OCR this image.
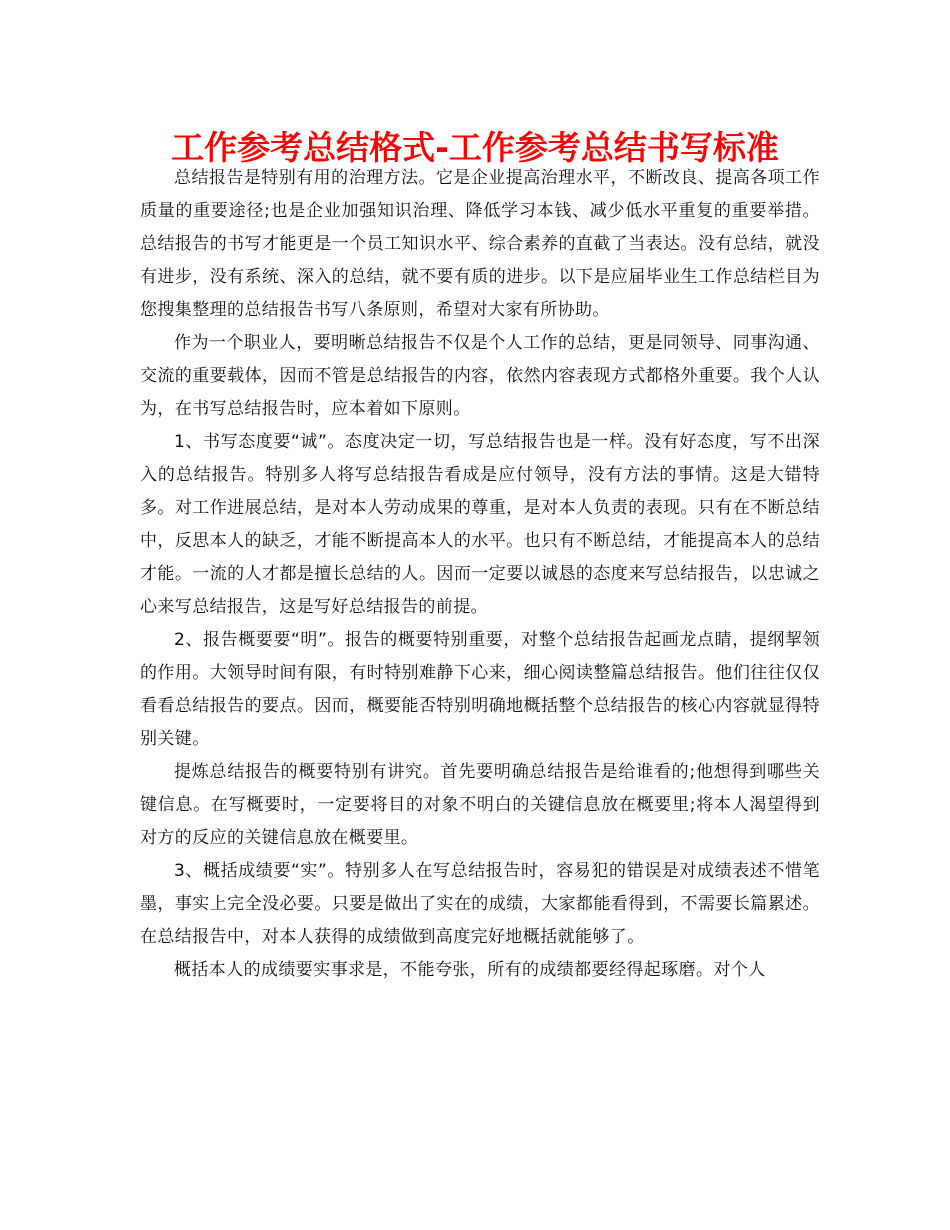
工作参考总结格式-工作参考总结书写标准

总结报告是特别有用的治理方法。它是企业提高治理水平，不断改良、提高各项工作质量的重要途径;也是企业加强知识治理、降低学习本钱、减少低水平重复的重要举措。总结报告的书写才能更是一个员工知识水平、综合素养的直截了当表达。没有总结，就没有进步，没有系统、深入的总结，就不要有质的进步。以下是应届毕业生工作总结栏目为您搜集整理的总结报告书写八条原则，希望对大家有所协助。

作为一个职业人，要明晰总结报告不仅是个人工作的总结，更是同领导、同事沟通、交流的重要载体，因而不管是总结报告的内容，依然内容表现方式都格外重要。我个人认为，在书写总结报告时，应本着如下原则。

1、书写态度要“诚”。态度决定一切，写总结报告也是一样。没有好态度，写不出深入的总结报告。特别多人将写总结报告看成是应付领导，没有方法的事情。这是大错特多。对工作进展总结，是对本人劳动成果的尊重，是对本人负责的表现。只有在不断总结中，反思本人的缺乏，才能不断提高本人的水平。也只有不断总结，才能提高本人的总结才能。一流的人才都是擅长总结的人。因而一定要以诚恳的态度来写总结报告，以忠诚之心来写总结报告，这是写好总结报告的前提。

2、报告概要要“明”。报告的概要特别重要，对整个总结报告起画龙点睛，提纲挈领的作用。大领导时间有限，有时特别难静下心来，细心阅读整篇总结报告。他们往往仅仅看看总结报告的要点。因而，概要能否特别明确地概括整个总结报告的核心内容就显得特别关键。

提炼总结报告的概要特别有讲究。首先要明确总结报告是给谁看的;他想得到哪些关键信息。在写概要时，一定要将目的对象不明白的关键信息放在概要里;将本人渴望得到对方的反应的关键信息放在概要里。

3、概括成绩要“实”。特别多人在写总结报告时，容易犯的错误是对成绩表述不惜笔墨，事实上完全没必要。只要是做出了实在的成绩，大家都能看得到，不需要长篇累述。在总结报告中，对本人获得的成绩做到高度完好地概括就能够了。

概括本人的成绩要实事求是，不能夸张，所有的成绩都要经得起琢磨。对个人
